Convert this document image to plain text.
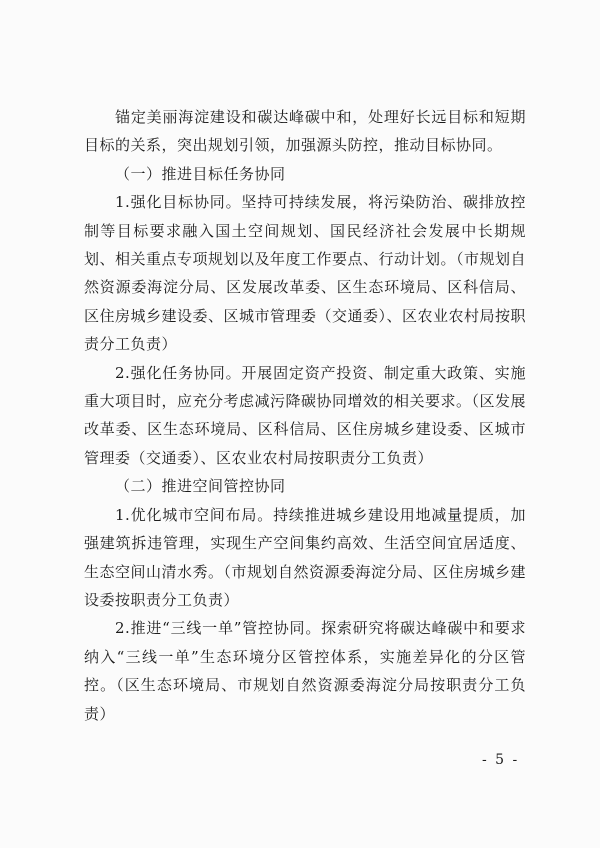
锚定美丽海淀建设和碳达峰碳中和，处理好长远目标和短期目标的关系，突出规划引领，加强源头防控，推动目标协同。

（一）推进目标任务协同

1.强化目标协同。坚持可持续发展，将污染防治、碳排放控制等目标要求融入国土空间规划、国民经济社会发展中长期规划、相关重点专项规划以及年度工作要点、行动计划。（市规划自然资源委海淀分局、区发展改革委、区生态环境局、区科信局、区住房城乡建设委、区城市管理委（交通委）、区农业农村局按职责分工负责）

2.强化任务协同。开展固定资产投资、制定重大政策、实施重大项目时，应充分考虑减污降碳协同增效的相关要求。（区发展改革委、区生态环境局、区科信局、区住房城乡建设委、区城市管理委（交通委）、区农业农村局按职责分工负责）

（二）推进空间管控协同

1.优化城市空间布局。持续推进城乡建设用地减量提质，加强建筑拆违管理，实现生产空间集约高效、生活空间宜居适度、生态空间山清水秀。（市规划自然资源委海淀分局、区住房城乡建设委按职责分工负责）

2.推进“三线一单”管控协同。探索研究将碳达峰碳中和要求纳入“三线一单”生态环境分区管控体系，实施差异化的分区管控。（区生态环境局、市规划自然资源委海淀分局按职责分工负责）

- 5 -
